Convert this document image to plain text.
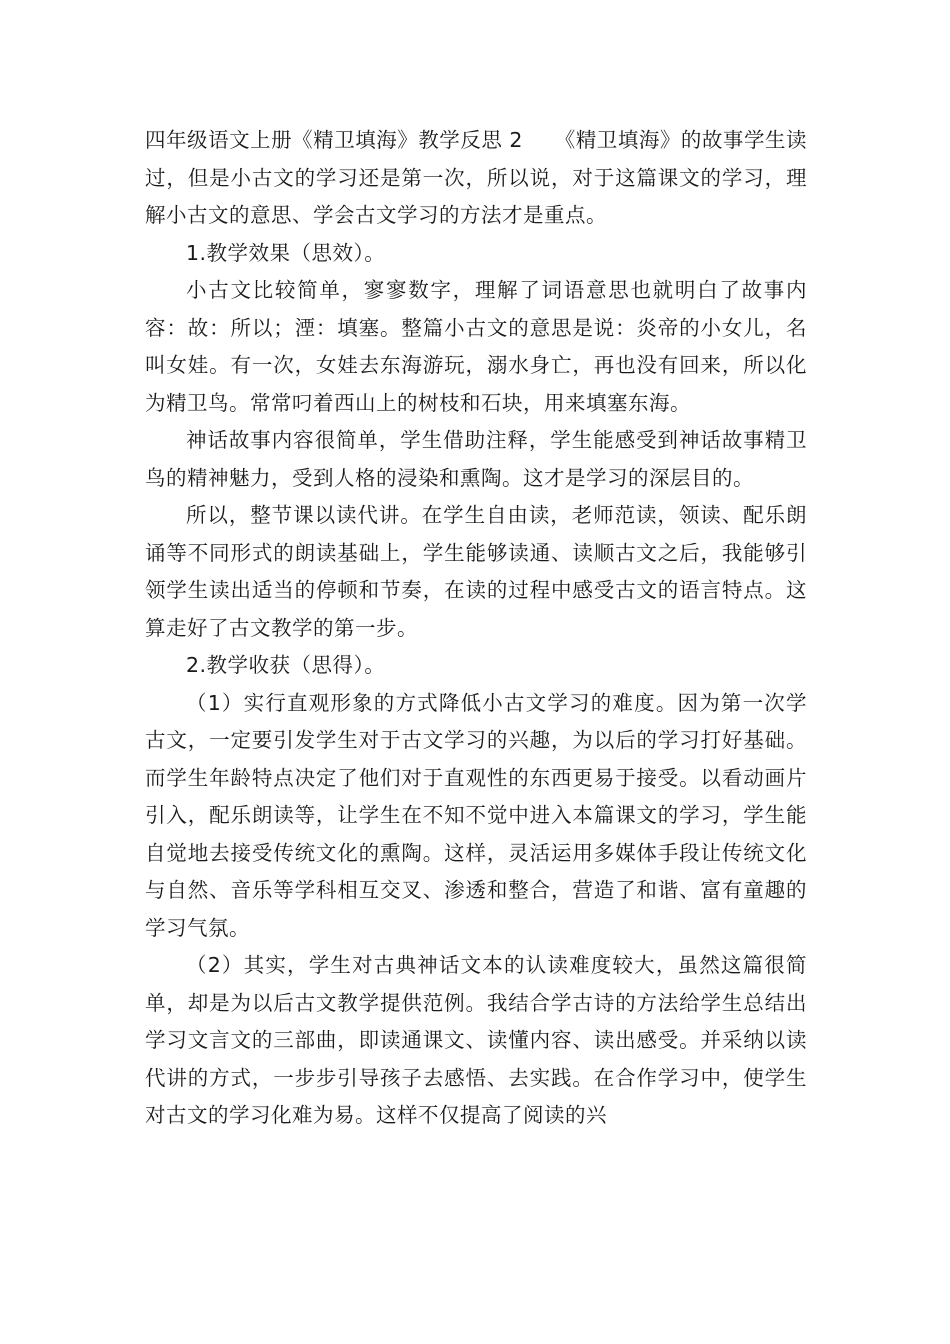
四年级语文上册《精卫填海》教学反思 2　　《精卫填海》的故事学生读过，但是小古文的学习还是第一次，所以说，对于这篇课文的学习，理解小古文的意思、学会古文学习的方法才是重点。

1.教学效果（思效）。

小古文比较简单，寥寥数字，理解了词语意思也就明白了故事内容：故：所以；湮：填塞。整篇小古文的意思是说：炎帝的小女儿，名叫女娃。有一次，女娃去东海游玩，溺水身亡，再也没有回来，所以化为精卫鸟。常常叼着西山上的树枝和石块，用来填塞东海。

神话故事内容很简单，学生借助注释，学生能感受到神话故事精卫鸟的精神魅力，受到人格的浸染和熏陶。这才是学习的深层目的。

所以，整节课以读代讲。在学生自由读，老师范读，领读、配乐朗诵等不同形式的朗读基础上，学生能够读通、读顺古文之后，我能够引领学生读出适当的停顿和节奏，在读的过程中感受古文的语言特点。这算走好了古文教学的第一步。

2.教学收获（思得）。

（1）实行直观形象的方式降低小古文学习的难度。因为第一次学古文，一定要引发学生对于古文学习的兴趣，为以后的学习打好基础。而学生年龄特点决定了他们对于直观性的东西更易于接受。以看动画片引入，配乐朗读等，让学生在不知不觉中进入本篇课文的学习，学生能自觉地去接受传统文化的熏陶。这样，灵活运用多媒体手段让传统文化与自然、音乐等学科相互交叉、渗透和整合，营造了和谐、富有童趣的学习气氛。

（2）其实，学生对古典神话文本的认读难度较大，虽然这篇很简单，却是为以后古文教学提供范例。我结合学古诗的方法给学生总结出学习文言文的三部曲，即读通课文、读懂内容、读出感受。并采纳以读代讲的方式，一步步引导孩子去感悟、去实践。在合作学习中，使学生对古文的学习化难为易。这样不仅提高了阅读的兴
